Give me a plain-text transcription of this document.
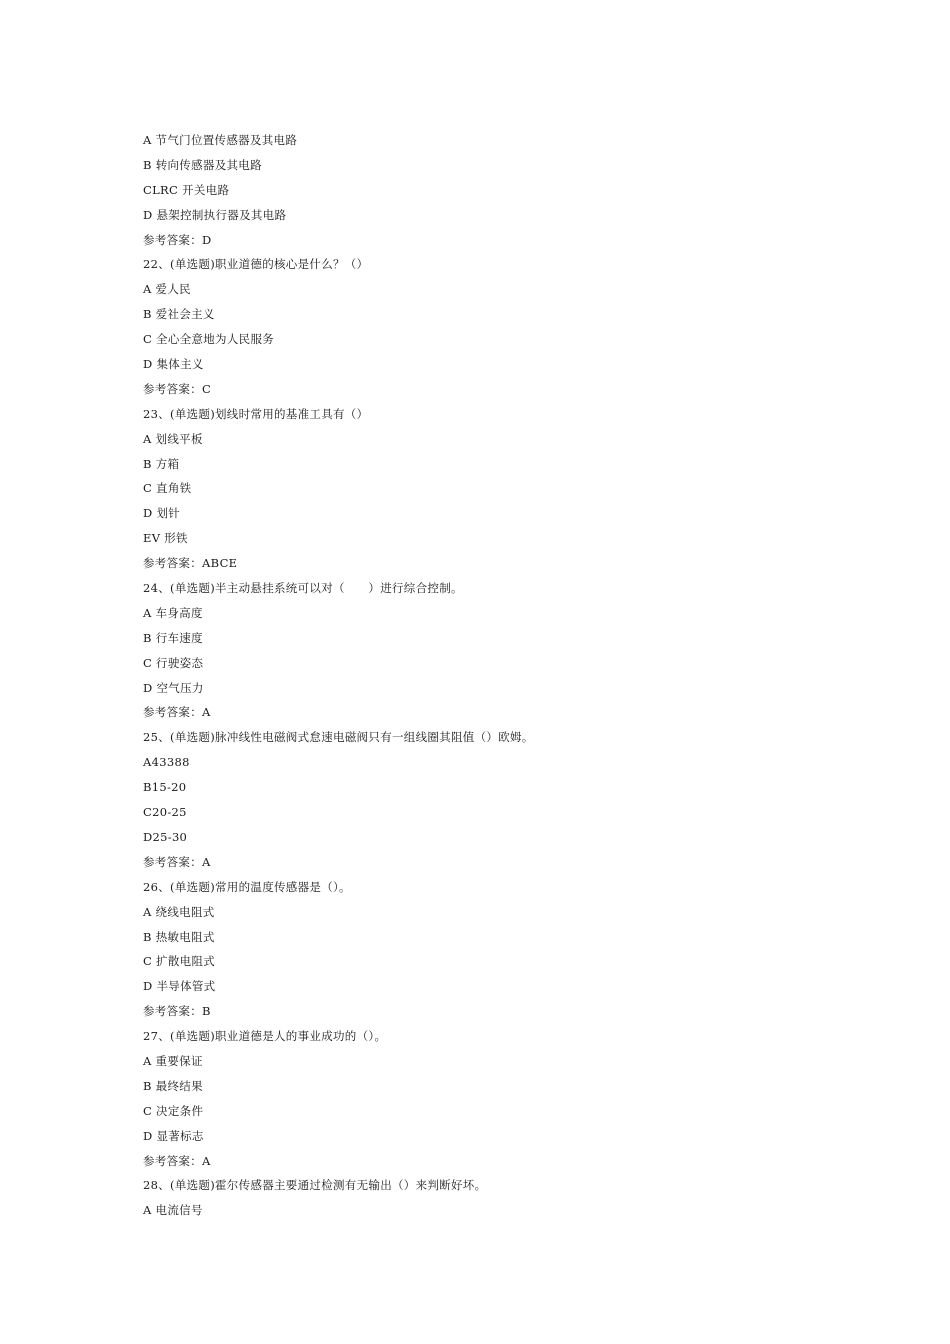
A 节气门位置传感器及其电路
B 转向传感器及其电路
CLRC 开关电路
D 悬架控制执行器及其电路
参考答案：D
22、(单选题)职业道德的核心是什么？（）
A 爱人民
B 爱社会主义
C 全心全意地为人民服务
D 集体主义
参考答案：C
23、(单选题)划线时常用的基准工具有（）
A 划线平板
B 方箱
C 直角铁
D 划针
EV 形铁
参考答案：ABCE
24、(单选题)半主动悬挂系统可以对（　　）进行综合控制。
A 车身高度
B 行车速度
C 行驶姿态
D 空气压力
参考答案：A
25、(单选题)脉冲线性电磁阀式怠速电磁阀只有一组线圈其阻值（）欧姆。
A43388
B15-20
C20-25
D25-30
参考答案：A
26、(单选题)常用的温度传感器是（）。
A 绕线电阻式
B 热敏电阻式
C 扩散电阻式
D 半导体管式
参考答案：B
27、(单选题)职业道德是人的事业成功的（）。
A 重要保证
B 最终结果
C 决定条件
D 显著标志
参考答案：A
28、(单选题)霍尔传感器主要通过检测有无输出（）来判断好坏。
A 电流信号
